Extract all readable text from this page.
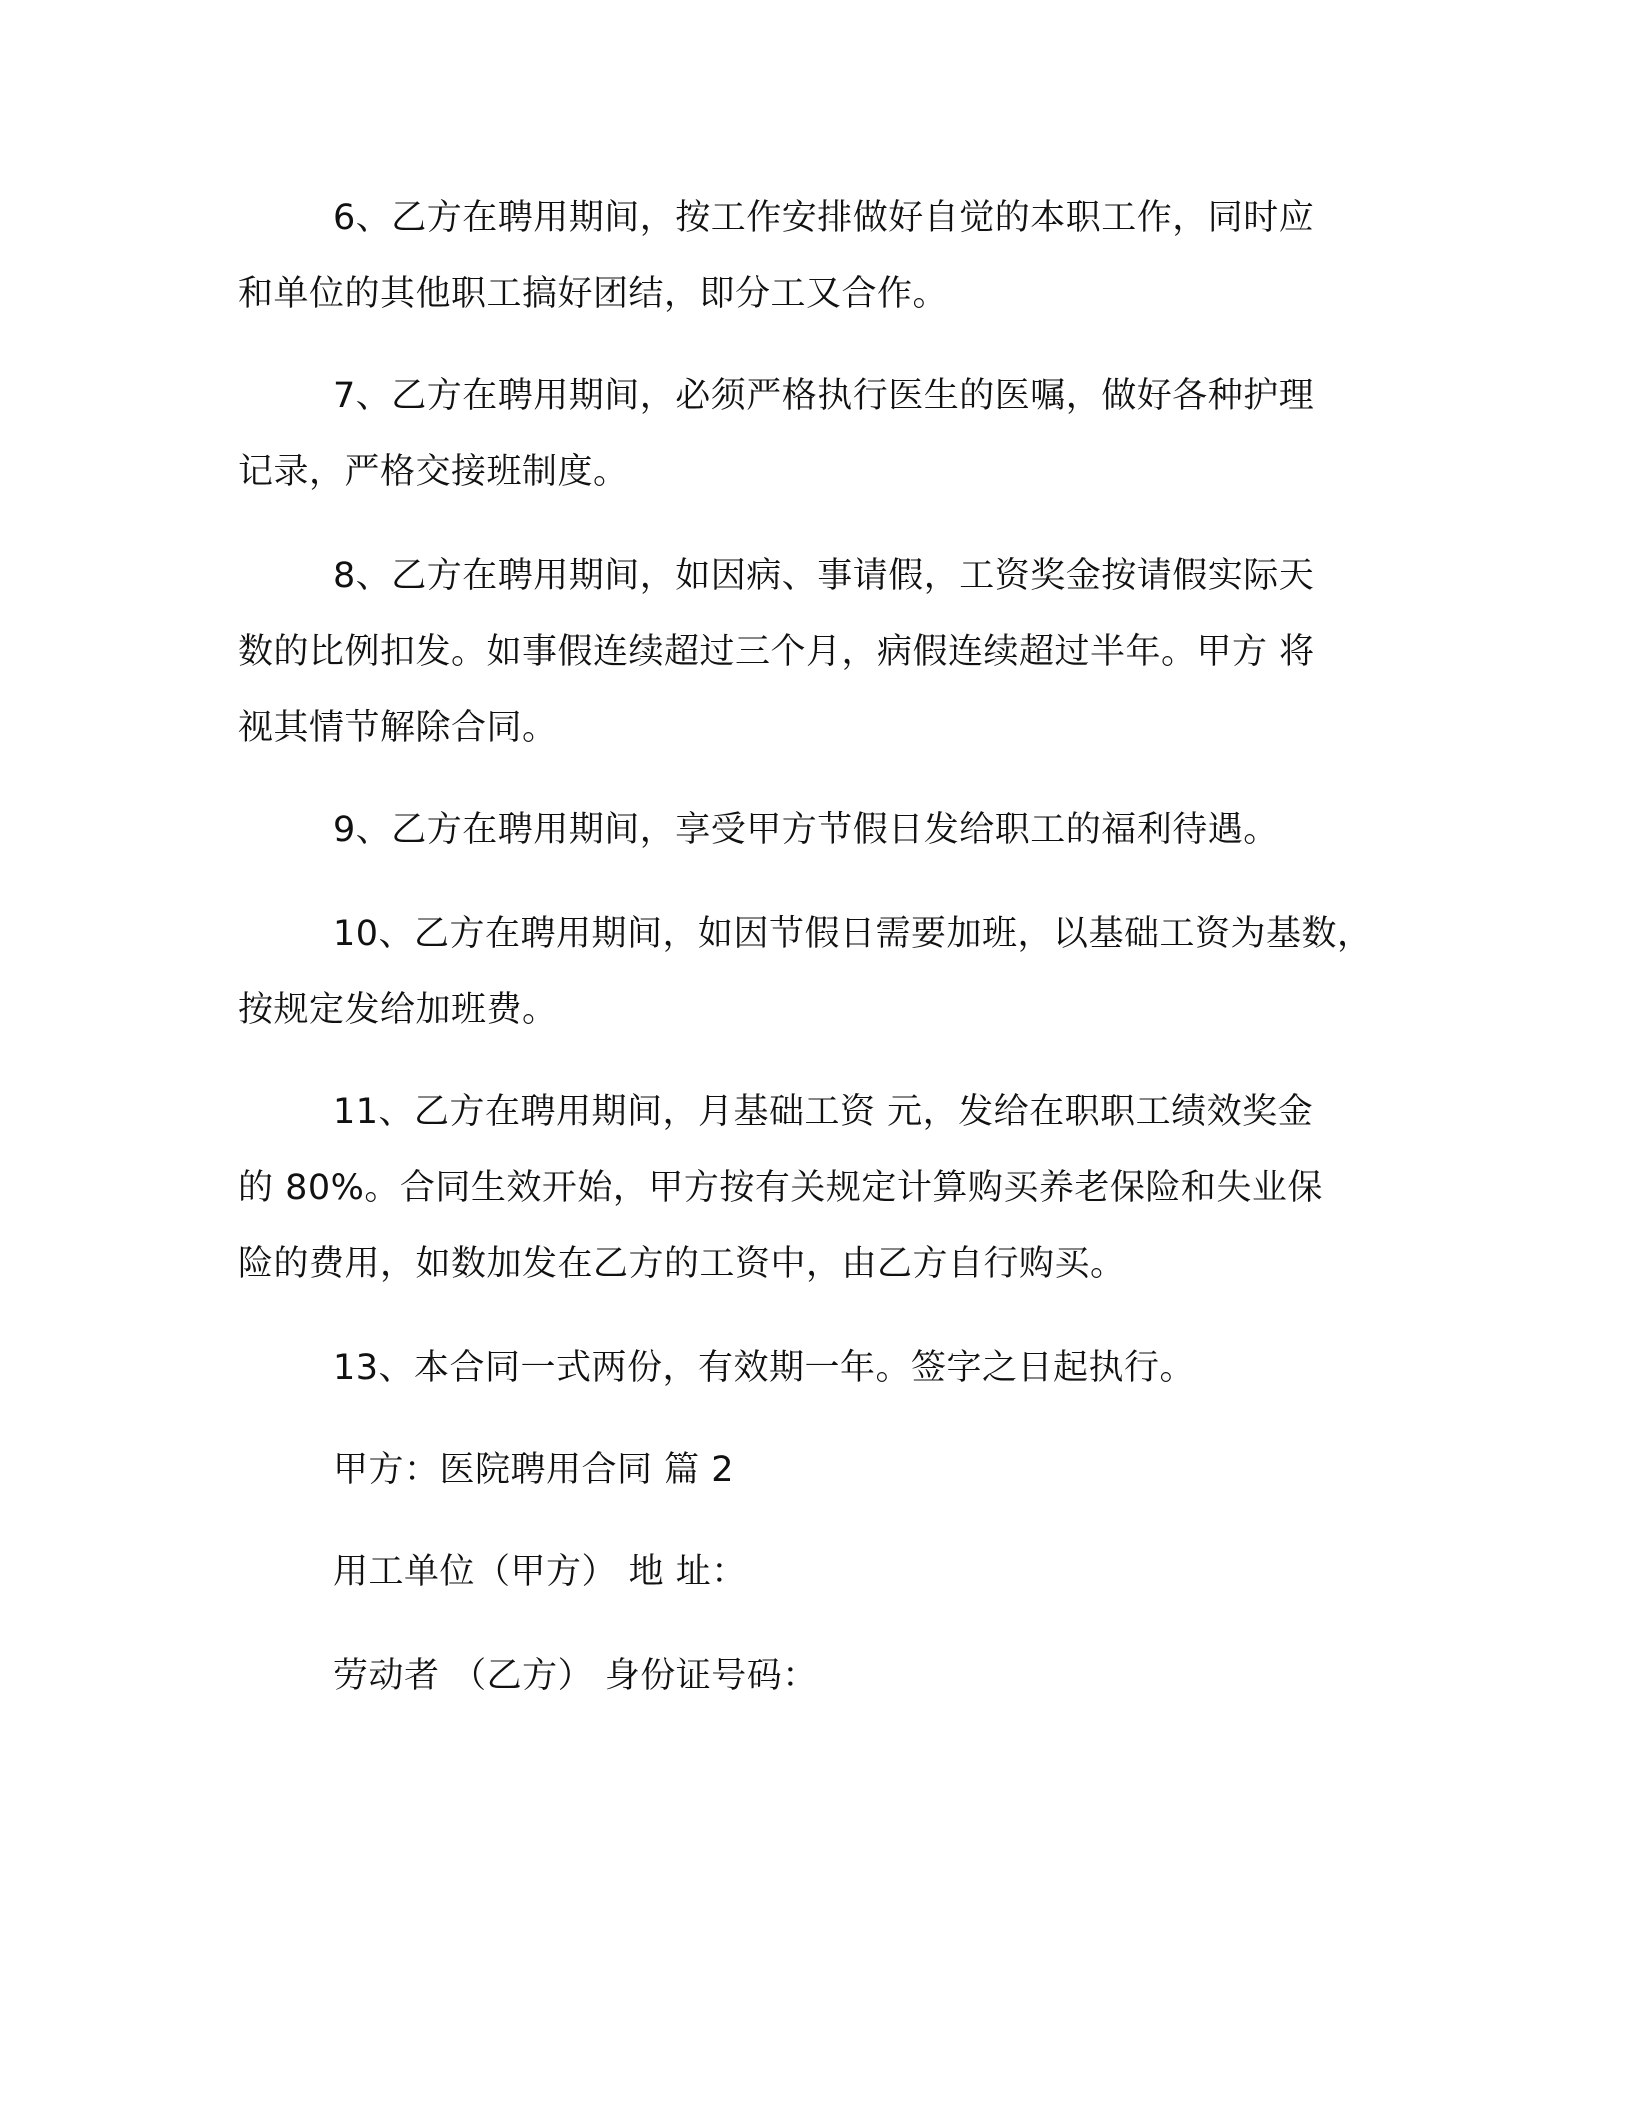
6、乙方在聘用期间，按工作安排做好自觉的本职工作，同时应
和单位的其他职工搞好团结，即分工又合作。
7、乙方在聘用期间，必须严格执行医生的医嘱，做好各种护理
记录，严格交接班制度。
8、乙方在聘用期间，如因病、事请假，工资奖金按请假实际天
数的比例扣发。如事假连续超过三个月，病假连续超过半年。甲方 将
视其情节解除合同。
9、乙方在聘用期间，享受甲方节假日发给职工的福利待遇。
10、乙方在聘用期间，如因节假日需要加班，以基础工资为基数，
按规定发给加班费。
11、乙方在聘用期间，月基础工资 元，发给在职职工绩效奖金
的 80%。合同生效开始，甲方按有关规定计算购买养老保险和失业保
险的费用，如数加发在乙方的工资中，由乙方自行购买。
13、本合同一式两份，有效期一年。签字之日起执行。
甲方：医院聘用合同 篇 2
用工单位（甲方） 地 址：
劳动者 （乙方） 身份证号码：
